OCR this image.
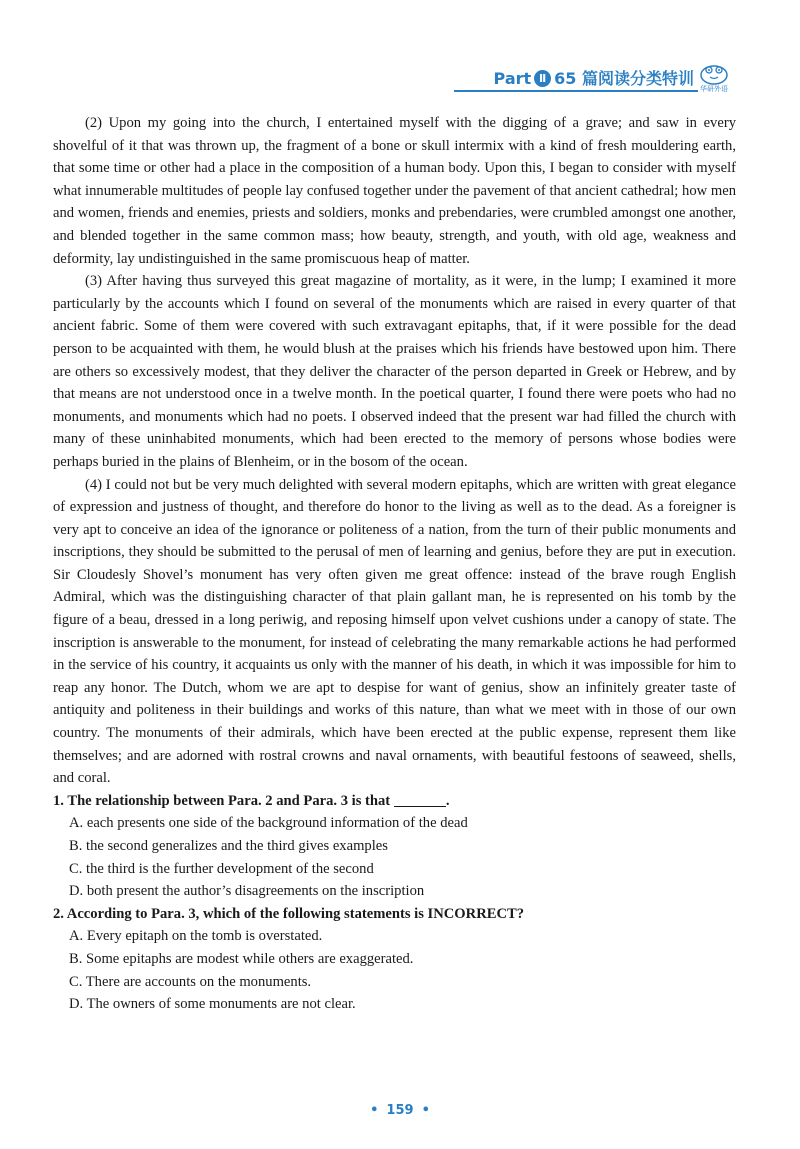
Part Ⅱ 65 篇阅读分类特训
华研外语

(2) Upon my going into the church, I entertained myself with the digging of a grave; and saw in every shovelful of it that was thrown up, the fragment of a bone or skull intermix with a kind of fresh mouldering earth, that some time or other had a place in the composition of a human body. Upon this, I began to consider with myself what innumerable multitudes of people lay confused together under the pavement of that ancient cathedral; how men and women, friends and enemies, priests and soldiers, monks and prebendaries, were crumbled amongst one another, and blended together in the same common mass; how beauty, strength, and youth, with old age, weakness and deformity, lay undistinguished in the same promiscuous heap of matter.

(3) After having thus surveyed this great magazine of mortality, as it were, in the lump; I examined it more particularly by the accounts which I found on several of the monuments which are raised in every quarter of that ancient fabric. Some of them were covered with such extravagant epitaphs, that, if it were possible for the dead person to be acquainted with them, he would blush at the praises which his friends have bestowed upon him. There are others so excessively modest, that they deliver the character of the person departed in Greek or Hebrew, and by that means are not understood once in a twelve month. In the poetical quarter, I found there were poets who had no monuments, and monuments which had no poets. I observed indeed that the present war had filled the church with many of these uninhabited monuments, which had been erected to the memory of persons whose bodies were perhaps buried in the plains of Blenheim, or in the bosom of the ocean.

(4) I could not but be very much delighted with several modern epitaphs, which are written with great elegance of expression and justness of thought, and therefore do honor to the living as well as to the dead. As a foreigner is very apt to conceive an idea of the ignorance or politeness of a nation, from the turn of their public monuments and inscriptions, they should be submitted to the perusal of men of learning and genius, before they are put in execution. Sir Cloudesly Shovel’s monument has very often given me great offence: instead of the brave rough English Admiral, which was the distinguishing character of that plain gallant man, he is represented on his tomb by the figure of a beau, dressed in a long periwig, and reposing himself upon velvet cushions under a canopy of state. The inscription is answerable to the monument, for instead of celebrating the many remarkable actions he had performed in the service of his country, it acquaints us only with the manner of his death, in which it was impossible for him to reap any honor. The Dutch, whom we are apt to despise for want of genius, show an infinitely greater taste of antiquity and politeness in their buildings and works of this nature, than what we meet with in those of our own country. The monuments of their admirals, which have been erected at the public expense, represent them like themselves; and are adorned with rostral crowns and naval ornaments, with beautiful festoons of seaweed, shells, and coral.

1. The relationship between Para. 2 and Para. 3 is that	.

A. each presents one side of the background information of the dead

B. the second generalizes and the third gives examples

C. the third is the further development of the second

D. both present the author’s disagreements on the inscription

2. According to Para. 3, which of the following statements is INCORRECT?

A. Every epitaph on the tomb is overstated.

B. Some epitaphs are modest while others are exaggerated.

C. There are accounts on the monuments.

D. The owners of some monuments are not clear.

• 159 •
